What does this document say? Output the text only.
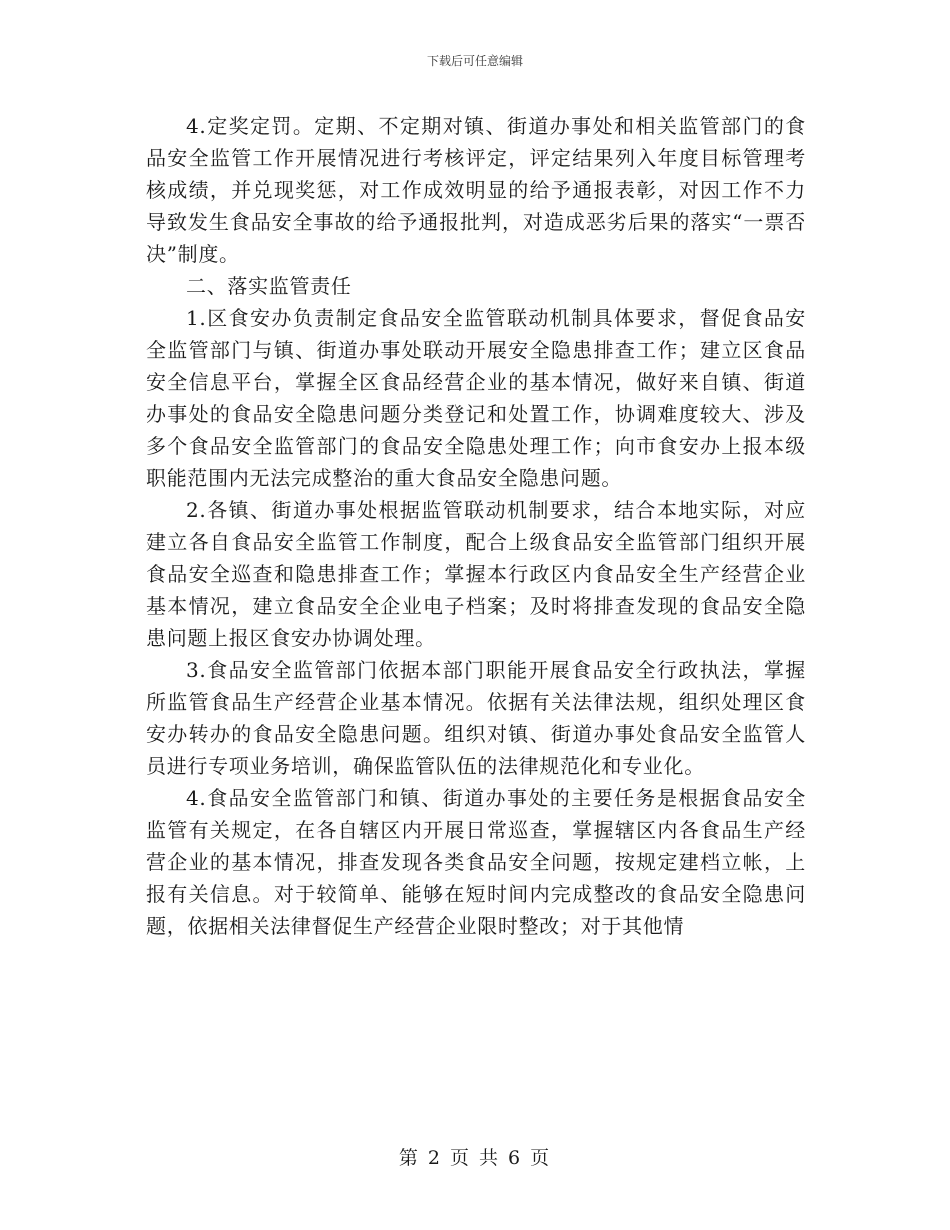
下载后可任意编辑

4.定奖定罚。定期、不定期对镇、街道办事处和相关监管部门的食品安全监管工作开展情况进行考核评定，评定结果列入年度目标管理考核成绩，并兑现奖惩，对工作成效明显的给予通报表彰，对因工作不力导致发生食品安全事故的给予通报批判，对造成恶劣后果的落实“一票否决”制度。

二、落实监管责任

1.区食安办负责制定食品安全监管联动机制具体要求，督促食品安全监管部门与镇、街道办事处联动开展安全隐患排查工作；建立区食品安全信息平台，掌握全区食品经营企业的基本情况，做好来自镇、街道办事处的食品安全隐患问题分类登记和处置工作，协调难度较大、涉及多个食品安全监管部门的食品安全隐患处理工作；向市食安办上报本级职能范围内无法完成整治的重大食品安全隐患问题。

2.各镇、街道办事处根据监管联动机制要求，结合本地实际，对应建立各自食品安全监管工作制度，配合上级食品安全监管部门组织开展食品安全巡查和隐患排查工作；掌握本行政区内食品安全生产经营企业基本情况，建立食品安全企业电子档案；及时将排查发现的食品安全隐患问题上报区食安办协调处理。

3.食品安全监管部门依据本部门职能开展食品安全行政执法，掌握所监管食品生产经营企业基本情况。依据有关法律法规，组织处理区食安办转办的食品安全隐患问题。组织对镇、街道办事处食品安全监管人员进行专项业务培训，确保监管队伍的法律规范化和专业化。

4.食品安全监管部门和镇、街道办事处的主要任务是根据食品安全监管有关规定，在各自辖区内开展日常巡查，掌握辖区内各食品生产经营企业的基本情况，排查发现各类食品安全问题，按规定建档立帐，上报有关信息。对于较简单、能够在短时间内完成整改的食品安全隐患问题，依据相关法律督促生产经营企业限时整改；对于其他情

第 2 页 共 6 页
